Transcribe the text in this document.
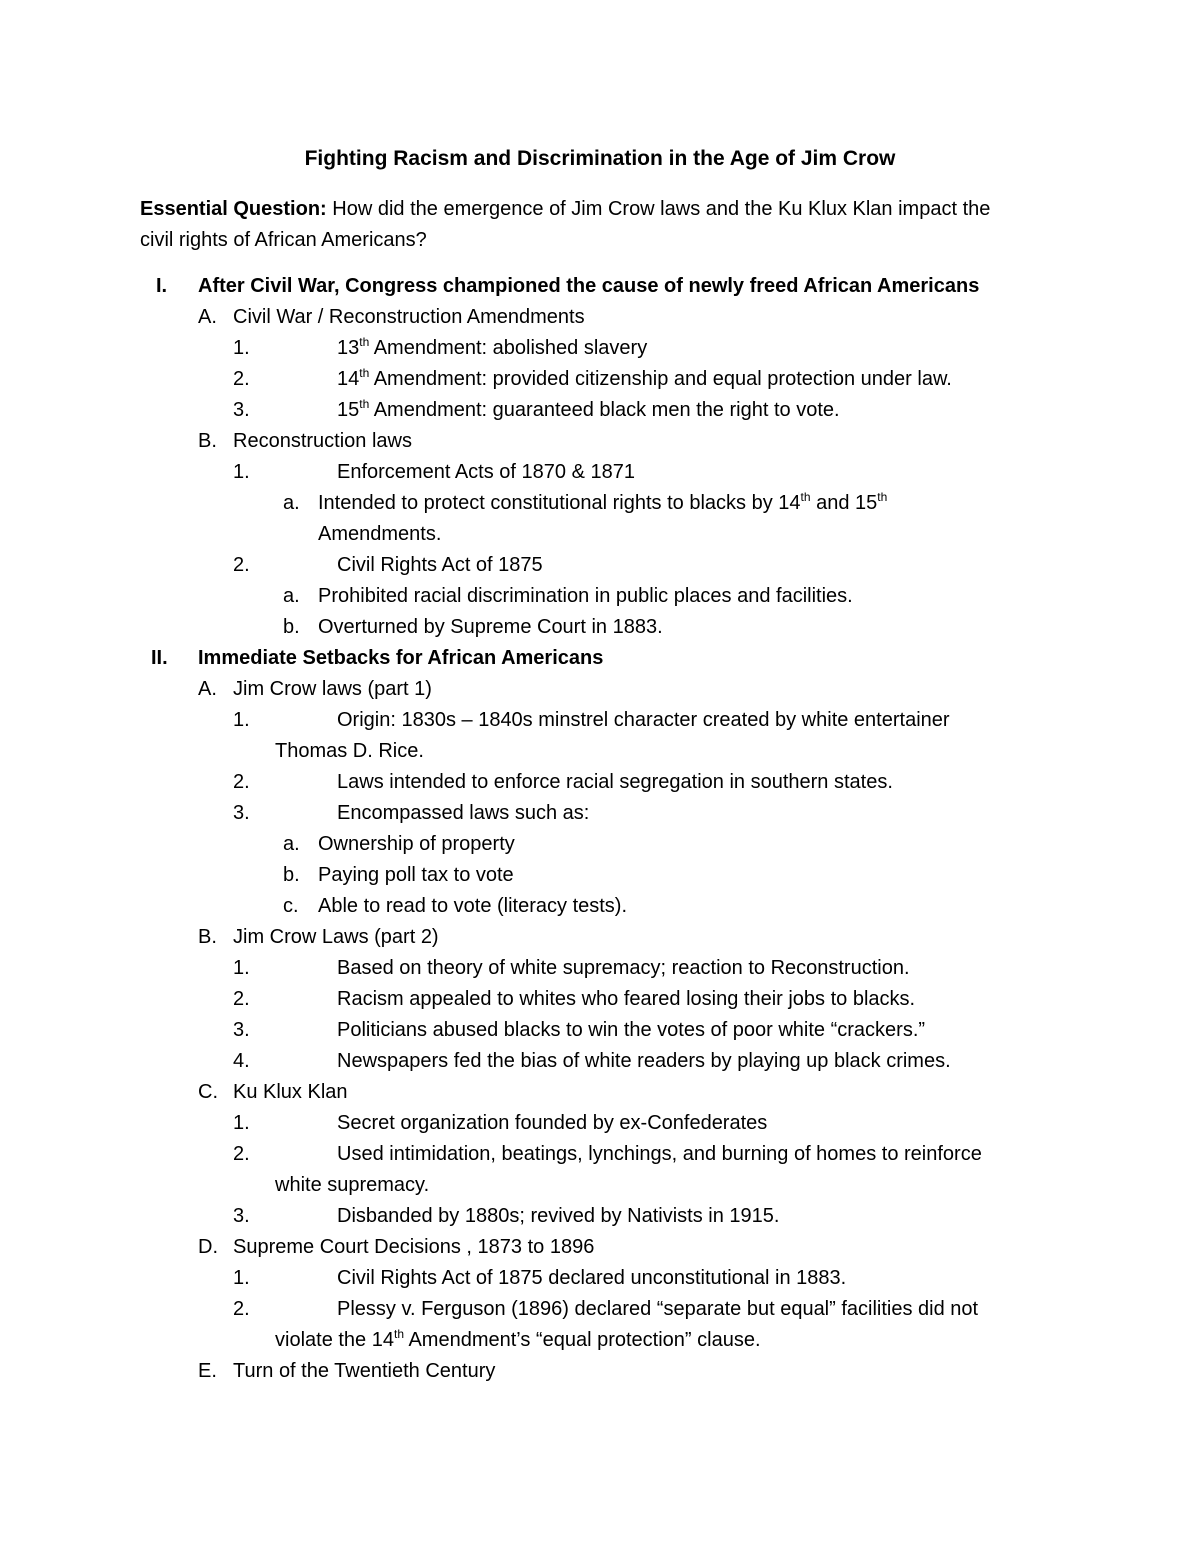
Fighting Racism and Discrimination in the Age of Jim Crow
Essential Question: How did the emergence of Jim Crow laws and the Ku Klux Klan impact the
civil rights of African Americans?
I. After Civil War, Congress championed the cause of newly freed African Americans
A. Civil War / Reconstruction Amendments
1.	13th Amendment: abolished slavery
2.	14th Amendment: provided citizenship and equal protection under law.
3.	15th Amendment: guaranteed black men the right to vote.
B. Reconstruction laws
1.	Enforcement Acts of 1870 & 1871
a. Intended to protect constitutional rights to blacks by 14th and 15th
Amendments.
2.	Civil Rights Act of 1875
a. Prohibited racial discrimination in public places and facilities.
b. Overturned by Supreme Court in 1883.
II. Immediate Setbacks for African Americans
A. Jim Crow laws (part 1)
1.	Origin: 1830s – 1840s minstrel character created by white entertainer
Thomas D. Rice.
2.	Laws intended to enforce racial segregation in southern states.
3.	Encompassed laws such as:
a. Ownership of property
b. Paying poll tax to vote
c. Able to read to vote (literacy tests).
B. Jim Crow Laws (part 2)
1.	Based on theory of white supremacy; reaction to Reconstruction.
2.	Racism appealed to whites who feared losing their jobs to blacks.
3.	Politicians abused blacks to win the votes of poor white “crackers.”
4.	Newspapers fed the bias of white readers by playing up black crimes.
C. Ku Klux Klan
1.	Secret organization founded by ex-Confederates
2.	Used intimidation, beatings, lynchings, and burning of homes to reinforce
white supremacy.
3.	Disbanded by 1880s; revived by Nativists in 1915.
D. Supreme Court Decisions , 1873 to 1896
1.	Civil Rights Act of 1875 declared unconstitutional in 1883.
2.	Plessy v. Ferguson (1896) declared “separate but equal” facilities did not
violate the 14th Amendment’s “equal protection” clause.
E. Turn of the Twentieth Century
